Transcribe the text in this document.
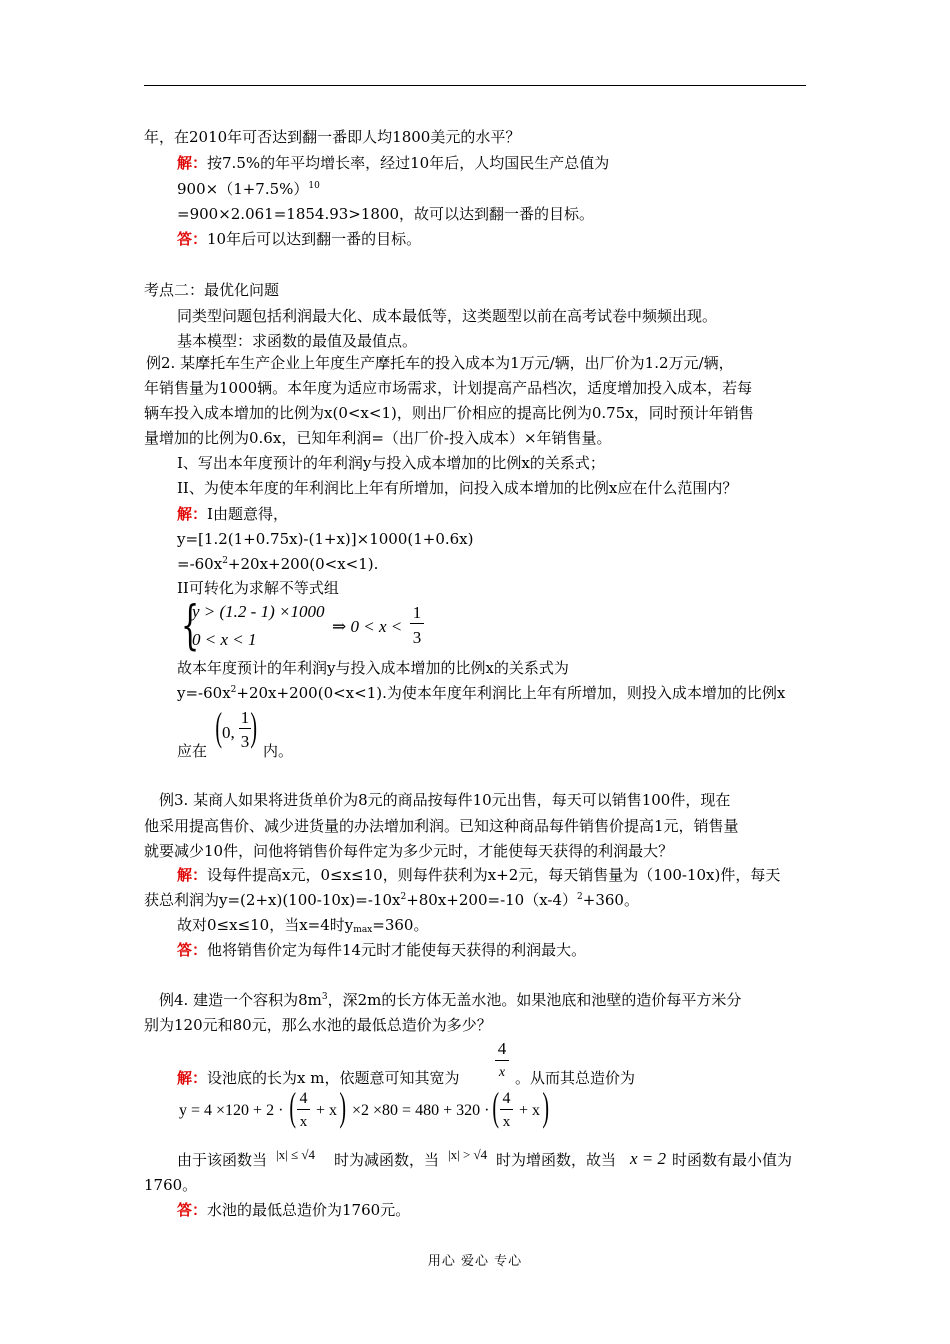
年，在2010年可否达到翻一番即人均1800美元的水平？
解：按7.5%的年平均增长率，经过10年后，人均国民生产总值为
$900\times(1+7.5\%)^{10}$
=900×2.061=1854.93>1800，故可以达到翻一番的目标。
答：10年后可以达到翻一番的目标。
考点二：最优化问题
同类型问题包括利润最大化、成本最低等，这类题型以前在高考试卷中频频出现。
基本模型：求函数的最值及最值点。
例2. 某摩托车生产企业上年度生产摩托车的投入成本为1万元/辆，出厂价为1.2万元/辆，
年销售量为1000辆。本年度为适应市场需求，计划提高产品档次，适度增加投入成本，若每
辆车投入成本增加的比例为x(0<x<1)，则出厂价相应的提高比例为0.75x，同时预计年销售
量增加的比例为0.6x，已知年利润=（出厂价-投入成本）×年销售量。
I、写出本年度预计的年利润y与投入成本增加的比例x的关系式；
II、为使本年度的年利润比上年有所增加，问投入成本增加的比例x应在什么范围内？
解：I由题意得，
y=[1.2(1+0.75x)-(1+x)]×1000(1+0.6x)
$=-60x^2+20x+200(0<x<1)$.
II可转化为求解不等式组
{
y > (1.2 - 1) ×1000
0 < x < 1
⇒ 0 < x <
1
3
故本年度预计的年利润y与投入成本增加的比例x的关系式为
$y=-60x^2+20x+200(0<x<1)$.为使本年度年利润比上年有所增加，则投入成本增加的比例x
应在
( 0,
1
3 )
内。
例3. 某商人如果将进货单价为8元的商品按每件10元出售，每天可以销售100件，现在
他采用提高售价、减少进货量的办法增加利润。已知这种商品每件销售价提高1元，销售量
就要减少10件，问他将销售价每件定为多少元时，才能使每天获得的利润最大？
解：设每件提高x元，0≤x≤10，则每件获利为x+2元，每天销售量为（100-10x)件，每天
获总利润为$y=(2+x)(100-10x)=-10x^2+80x+200=-10(x-4)^2+360$。
故对0≤x≤10，当x=4时$y_{max}=360$。
答：他将销售价定为每件14元时才能使每天获得的利润最大。
例4. 建造一个容积为$8m^3$，深2m的长方体无盖水池。如果池底和池壁的造价每平方米分
别为120元和80元，那么水池的最低总造价为多少？
4
x
解：设池底的长为x m，依题意可知其宽为	。从而其总造价为
y = 4 ×120 + 2 · ( 4
x
+ x ) ×2 ×80 = 480 + 320 · ( 4
x
+ x )
由于该函数当 |x| ≤ √4 时为减函数，当 |x| > √4 时为增函数，故当 x = 2 时函数有最小值为
1760。
答：水池的最低总造价为1760元。
用心 爱心 专心
